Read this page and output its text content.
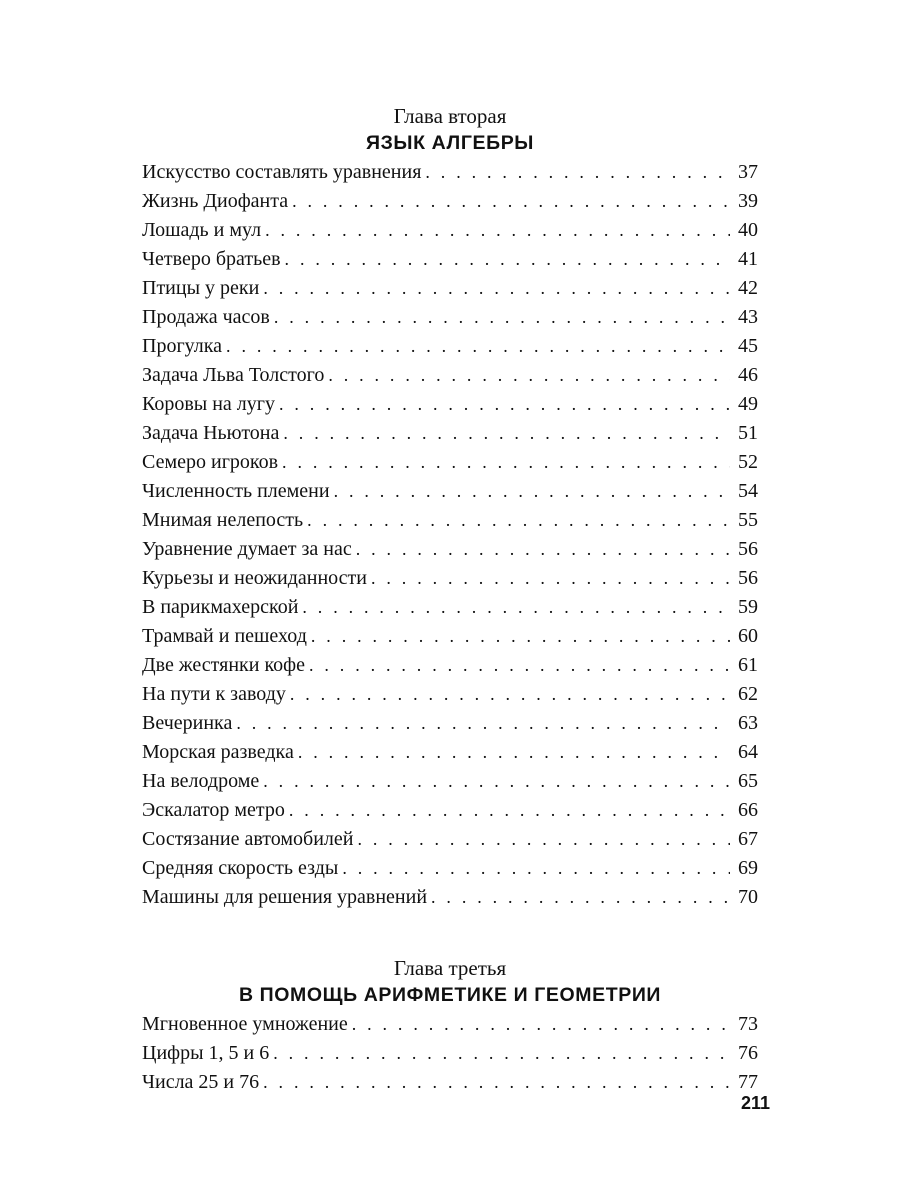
Глава вторая
ЯЗЫК АЛГЕБРЫ
Искусство составлять уравнения . . .	37
Жизнь Диофанта . . .	39
Лошадь и мул . . .	40
Четверо братьев . . .	41
Птицы у реки . . .	42
Продажа часов . . .	43
Прогулка . . .	45
Задача Льва Толстого . . .	46
Коровы на лугу . . .	49
Задача Ньютона . . .	51
Семеро игроков . . .	52
Численность племени . . .	54
Мнимая нелепость . . .	55
Уравнение думает за нас . . .	56
Курьезы и неожиданности . . .	56
В парикмахерской . . .	59
Трамвай и пешеход . . .	60
Две жестянки кофе . . .	61
На пути к заводу . . .	62
Вечеринка . . .	63
Морская разведка . . .	64
На велодроме . . .	65
Эскалатор метро . . .	66
Состязание автомобилей . . .	67
Средняя скорость езды . . .	69
Машины для решения уравнений . . .	70
Глава третья
В ПОМОЩЬ АРИФМЕТИКЕ И ГЕОМЕТРИИ
Мгновенное умножение . . .	73
Цифры 1, 5 и 6 . . .	76
Числа 25 и 76 . . .	77
211
